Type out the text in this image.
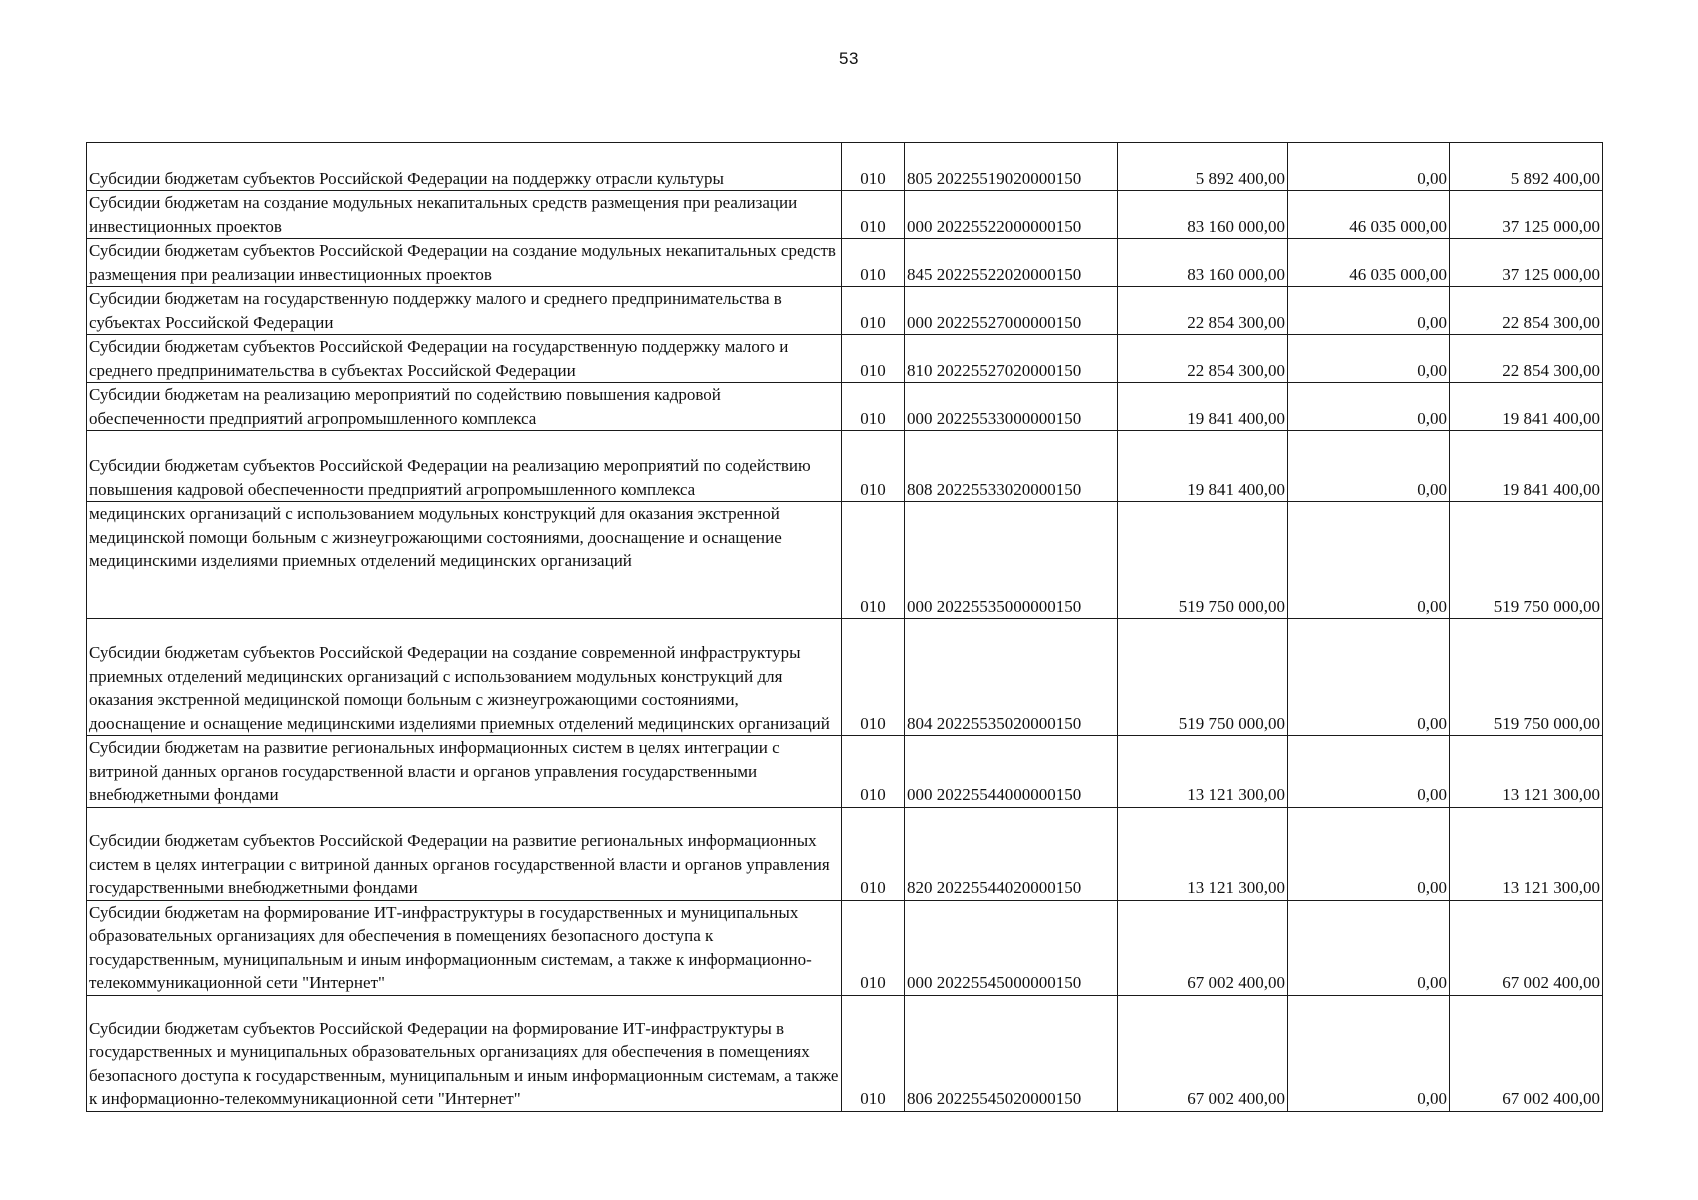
53
Субсидии бюджетам субъектов Российской Федерации на поддержку отрасли культуры	010	805 20225519020000150	5 892 400,00	0,00	5 892 400,00
Субсидии бюджетам на создание модульных некапитальных средств размещения при реализации инвестиционных проектов	010	000 20225522000000150	83 160 000,00	46 035 000,00	37 125 000,00
Субсидии бюджетам субъектов Российской Федерации на создание модульных некапитальных средств размещения при реализации инвестиционных проектов	010	845 20225522020000150	83 160 000,00	46 035 000,00	37 125 000,00
Субсидии бюджетам на государственную поддержку малого и среднего предпринимательства в субъектах Российской Федерации	010	000 20225527000000150	22 854 300,00	0,00	22 854 300,00
Субсидии бюджетам субъектов Российской Федерации на государственную поддержку малого и среднего предпринимательства в субъектах Российской Федерации	010	810 20225527020000150	22 854 300,00	0,00	22 854 300,00
Субсидии бюджетам на реализацию мероприятий по содействию повышения кадровой обеспеченности предприятий агропромышленного комплекса	010	000 20225533000000150	19 841 400,00	0,00	19 841 400,00
Субсидии бюджетам субъектов Российской Федерации на реализацию мероприятий по содействию повышения кадровой обеспеченности предприятий агропромышленного комплекса	010	808 20225533020000150	19 841 400,00	0,00	19 841 400,00
медицинских организаций с использованием модульных конструкций для оказания экстренной медицинской помощи больным с жизнеугрожающими состояниями, дооснащение и оснащение медицинскими изделиями приемных отделений медицинских организаций	010	000 20225535000000150	519 750 000,00	0,00	519 750 000,00
Субсидии бюджетам субъектов Российской Федерации на создание современной инфраструктуры приемных отделений медицинских организаций с использованием модульных конструкций для оказания экстренной медицинской помощи больным с жизнеугрожающими состояниями, дооснащение и оснащение медицинскими изделиями приемных отделений медицинских организаций	010	804 20225535020000150	519 750 000,00	0,00	519 750 000,00
Субсидии бюджетам на развитие региональных информационных систем в целях интеграции с витриной данных органов государственной власти и органов управления государственными внебюджетными фондами	010	000 20225544000000150	13 121 300,00	0,00	13 121 300,00
Субсидии бюджетам субъектов Российской Федерации на развитие региональных информационных систем в целях интеграции с витриной данных органов государственной власти и органов управления государственными внебюджетными фондами	010	820 20225544020000150	13 121 300,00	0,00	13 121 300,00
Субсидии бюджетам на формирование ИТ-инфраструктуры в государственных и муниципальных образовательных организациях для обеспечения в помещениях безопасного доступа к государственным, муниципальным и иным информационным системам, а также к информационно-телекоммуникационной сети "Интернет"	010	000 20225545000000150	67 002 400,00	0,00	67 002 400,00
Субсидии бюджетам субъектов Российской Федерации на формирование ИТ-инфраструктуры в государственных и муниципальных образовательных организациях для обеспечения в помещениях безопасного доступа к государственным, муниципальным и иным информационным системам, а также к информационно-телекоммуникационной сети "Интернет"	010	806 20225545020000150	67 002 400,00	0,00	67 002 400,00
